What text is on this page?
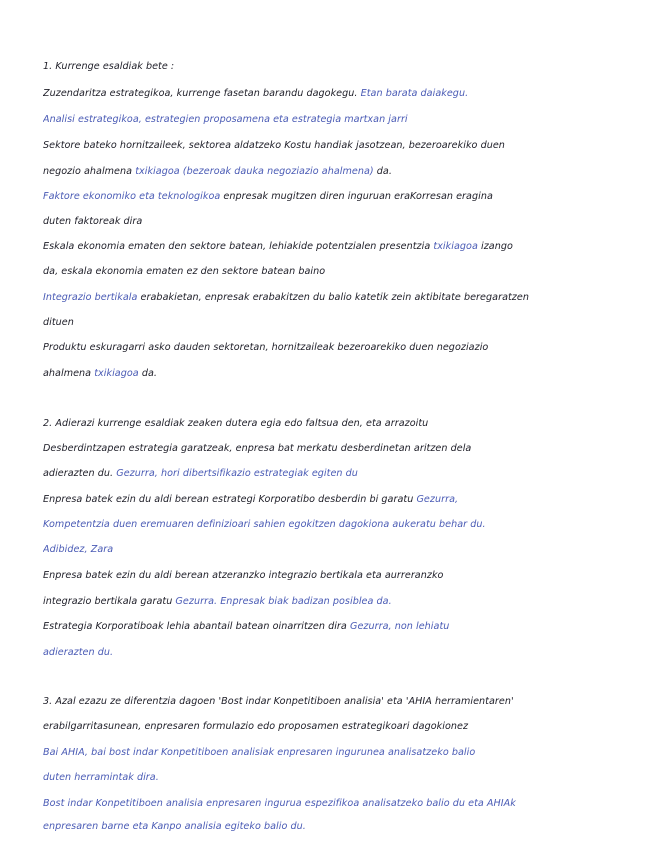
1. Kurrenge esaldiak bete :
Zuzendaritza estrategikoa, kurrenge fasetan barandu dagokegu. Etan barata daiakegu.
Analisi estrategikoa, estrategien proposamena eta estrategia martxan jarri
Sektore bateko hornitzaileek, sektorea aldatzeko Kostu handiak jasotzean, bezeroarekiko duen
negozio ahalmena txikiagoa (bezeroak dauka negoziazio ahalmena) da.
Faktore ekonomiko eta teknologikoa enpresak mugitzen diren inguruan eraKorresan eragina
duten faktoreak dira
Eskala ekonomia ematen den sektore batean, lehiakide potentzialen presentzia txikiagoa izango
da, eskala ekonomia ematen ez den sektore batean baino
Integrazio bertikala erabakietan, enpresak erabakitzen du balio katetik zein aktibitate beregaratzen
dituen
Produktu eskuragarri asko dauden sektoretan, hornitzaileak bezeroarekiko duen negoziazio
ahalmena txikiagoa da.
2. Adierazi kurrenge esaldiak zeaken dutera egia edo faltsua den, eta arrazoitu
Desberdintzapen estrategia garatzeak, enpresa bat merkatu desberdinetan aritzen dela
adierazten du. Gezurra, hori dibertsifikazio estrategiak egiten du
Enpresa batek ezin du aldi berean estrategi Korporatibo desberdin bi garatu Gezurra,
Kompetentzia duen eremuaren definizioari sahien egokitzen dagokiona aukeratu behar du.
Adibidez, Zara
Enpresa batek ezin du aldi berean atzeranzko integrazio bertikala eta aurreranzko
integrazio bertikala garatu Gezurra. Enpresak biak badizan posiblea da.
Estrategia Korporatiboak lehia abantail batean oinarritzen dira Gezurra, non lehiatu
adierazten du.
3. Azal ezazu ze diferentzia dagoen 'Bost indar Konpetitiboen analisia' eta 'AHIA herramientaren'
erabilgarritasunean, enpresaren formulazio edo proposamen estrategikoari dagokionez
Bai AHIA, bai bost indar Konpetitiboen analisiak enpresaren ingurunea analisatzeko balio
duten herramintak dira.
Bost indar Konpetitiboen analisia enpresaren ingurua espezifikoa analisatzeko balio du eta AHIAk
enpresaren barne eta Kanpo analisia egiteko balio du.
